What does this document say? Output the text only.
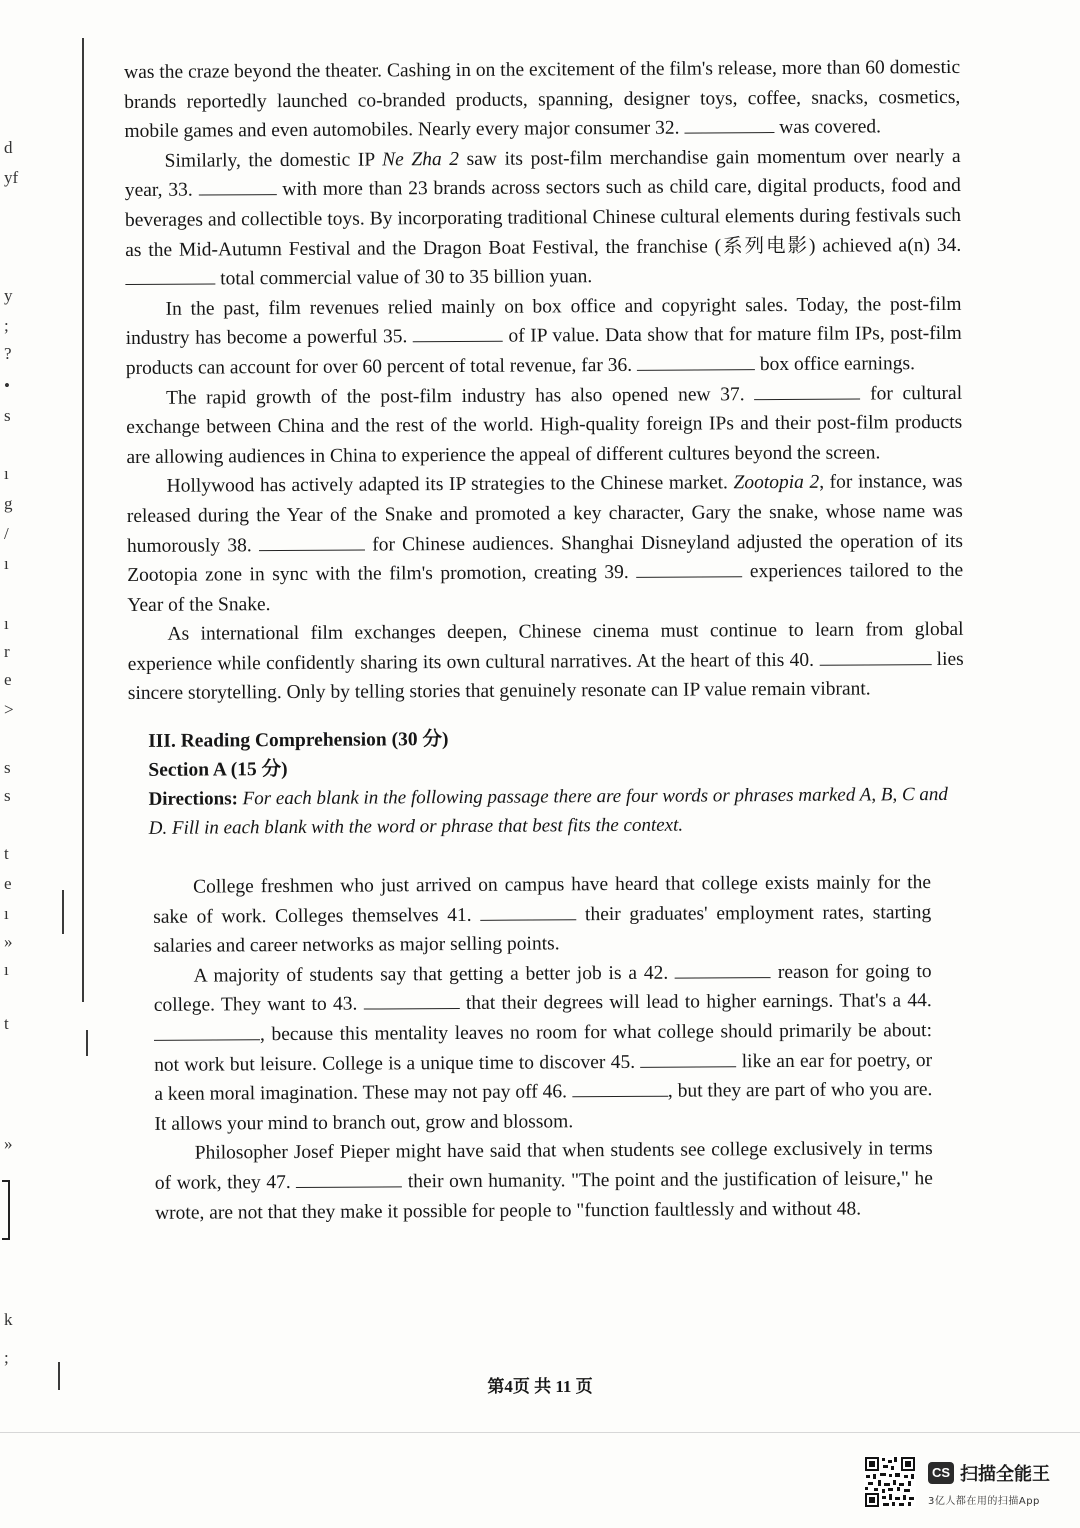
d
yf
y
;
?
•
s
ı
g
/
ı
ı
r
e
>
s
s
t
e
ı
»
ı
t
»
k
;

was the craze beyond the theater. Cashing in on the excitement of the film's release, more than 60 domestic brands reportedly launched co-branded products, spanning, designer toys, coffee, snacks, cosmetics, mobile games and even automobiles. Nearly every major consumer 32.	was covered.

Similarly, the domestic IP Ne Zha 2 saw its post-film merchandise gain momentum over nearly a year, 33.	with more than 23 brands across sectors such as child care, digital products, food and beverages and collectible toys. By incorporating traditional Chinese cultural elements during festivals such as the Mid-Autumn Festival and the Dragon Boat Festival, the franchise (系列电影) achieved a(n) 34.  total commercial value of 30 to 35 billion yuan.

In the past, film revenues relied mainly on box office and copyright sales. Today, the post-film industry has become a powerful 35.	of IP value. Data show that for mature film IPs, post-film products can account for over 60 percent of total revenue, far 36.	box office earnings.

The rapid growth of the post-film industry has also opened new 37.	for cultural exchange between China and the rest of the world. High-quality foreign IPs and their post-film products are allowing audiences in China to experience the appeal of different cultures beyond the screen.

Hollywood has actively adapted its IP strategies to the Chinese market. Zootopia 2, for instance, was released during the Year of the Snake and promoted a key character, Gary the snake, whose name was humorously 38.	for Chinese audiences. Shanghai Disneyland adjusted the operation of its Zootopia zone in sync with the film's promotion, creating 39.	experiences tailored to the Year of the Snake.

As international film exchanges deepen, Chinese cinema must continue to learn from global experience while confidently sharing its own cultural narratives. At the heart of this 40.	lies sincere storytelling. Only by telling stories that genuinely resonate can IP value remain vibrant.

III. Reading Comprehension (30 分)

Section A (15 分)

Directions: For each blank in the following passage there are four words or phrases marked A, B, C and D. Fill in each blank with the word or phrase that best fits the context.

College freshmen who just arrived on campus have heard that college exists mainly for the sake of work. Colleges themselves 41.	their graduates' employment rates, starting salaries and career networks as major selling points.

A majority of students say that getting a better job is a 42.	reason for going to college. They want to 43.	that their degrees will lead to higher earnings. That's a 44. , because this mentality leaves no room for what college should primarily be about: not work but leisure. College is a unique time to discover 45.	like an ear for poetry, or a keen moral imagination. These may not pay off 46.	, but they are part of who you are. It allows your mind to branch out, grow and blossom.

Philosopher Josef Pieper might have said that when students see college exclusively in terms of work, they 47.	their own humanity. "The point and the justification of leisure," he wrote, are not that they make it possible for people to "function faultlessly and without 48.

第4页 共 11 页
CS 扫描全能王
3亿人都在用的扫描App
